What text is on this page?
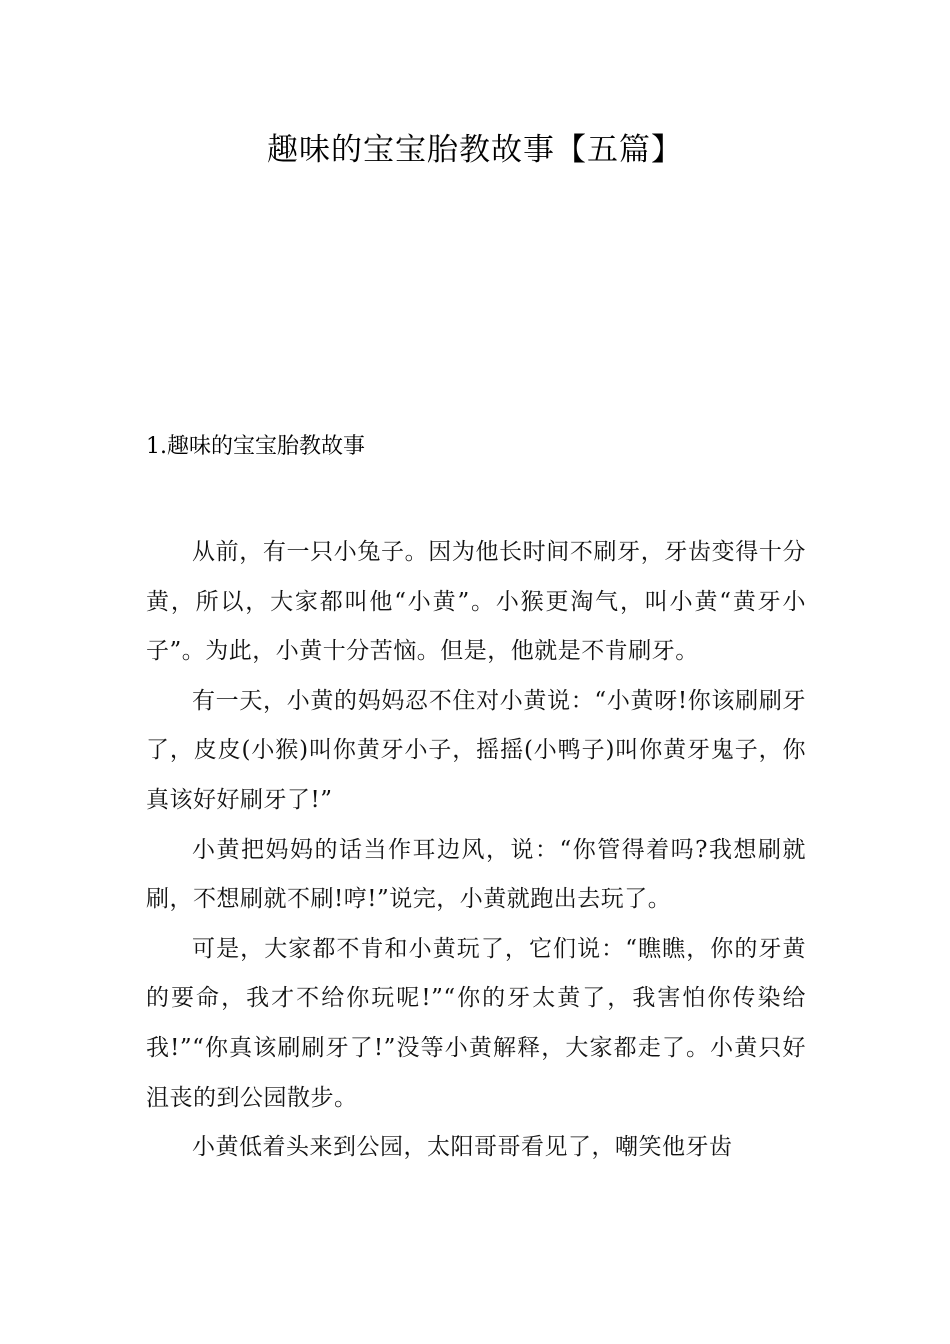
趣味的宝宝胎教故事【五篇】
1.趣味的宝宝胎教故事

从前，有一只小兔子。因为他长时间不刷牙，牙齿变得十分黄，所以，大家都叫他“小黄”。小猴更淘气，叫小黄“黄牙小子”。为此，小黄十分苦恼。但是，他就是不肯刷牙。

有一天，小黄的妈妈忍不住对小黄说：“小黄呀!你该刷刷牙了，皮皮(小猴)叫你黄牙小子，摇摇(小鸭子)叫你黄牙鬼子，你真该好好刷牙了!”

小黄把妈妈的话当作耳边风，说：“你管得着吗?我想刷就刷，不想刷就不刷!哼!”说完，小黄就跑出去玩了。

可是，大家都不肯和小黄玩了，它们说：“瞧瞧，你的牙黄的要命，我才不给你玩呢!”“你的牙太黄了，我害怕你传染给我!”“你真该刷刷牙了!”没等小黄解释，大家都走了。小黄只好沮丧的到公园散步。

小黄低着头来到公园，太阳哥哥看见了，嘲笑他牙齿
